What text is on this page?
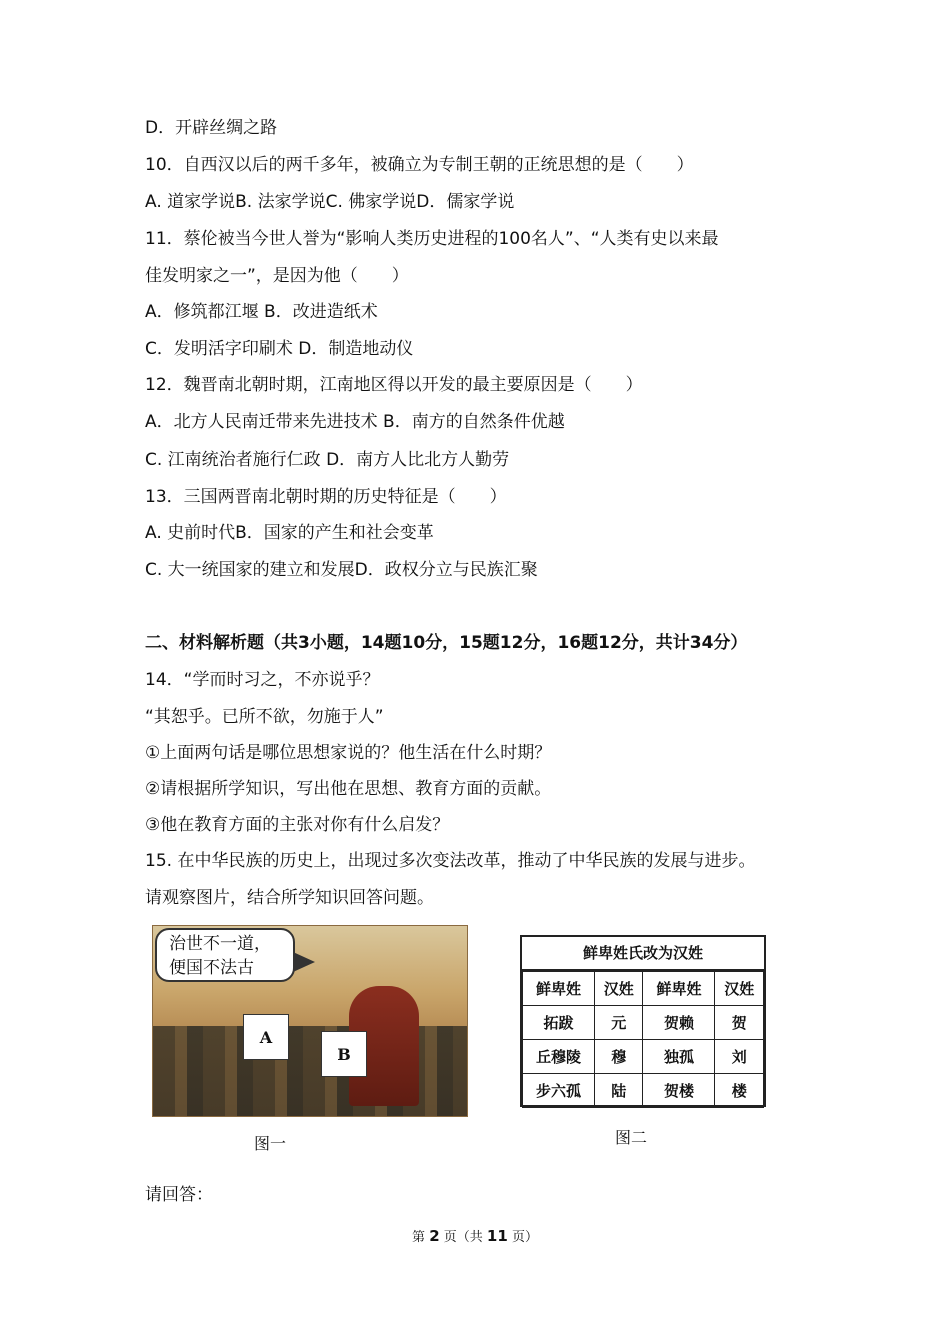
D．开辟丝绸之路
10．自西汉以后的两千多年，被确立为专制王朝的正统思想的是（　　）
A. 道家学说B. 法家学说C. 佛家学说D．儒家学说
11．蔡伦被当今世人誉为“影响人类历史进程的100名人”、“人类有史以来最
佳发明家之一”，是因为他（　　）
A．修筑都江堰 B．改进造纸术
C．发明活字印刷术 D．制造地动仪
12．魏晋南北朝时期，江南地区得以开发的最主要原因是（　　）
A．北方人民南迁带来先进技术 B．南方的自然条件优越
C. 江南统治者施行仁政 D．南方人比北方人勤劳
13．三国两晋南北朝时期的历史特征是（　　）
A. 史前时代B．国家的产生和社会变革
C. 大一统国家的建立和发展D．政权分立与民族汇聚
二、材料解析题（共3小题，14题10分，15题12分，16题12分，共计34分）
14．“学而时习之，不亦说乎？
“其恕乎。已所不欲，勿施于人”
①上面两句话是哪位思想家说的？他生活在什么时期？
②请根据所学知识，写出他在思想、教育方面的贡献。
③他在教育方面的主张对你有什么启发？
15. 在中华民族的历史上，出现过多次变法改革，推动了中华民族的发展与进步。
请观察图片，结合所学知识回答问题。
治世不一道，
便国不法古
A
B
图一
鲜卑姓氏改为汉姓
鲜卑姓	汉姓	鲜卑姓	汉姓
拓跋	元	贺赖	贺
丘穆陵	穆	独孤	刘
步六孤	陆	贺楼	楼
图二
请回答：
第 2 页（共 11 页）
